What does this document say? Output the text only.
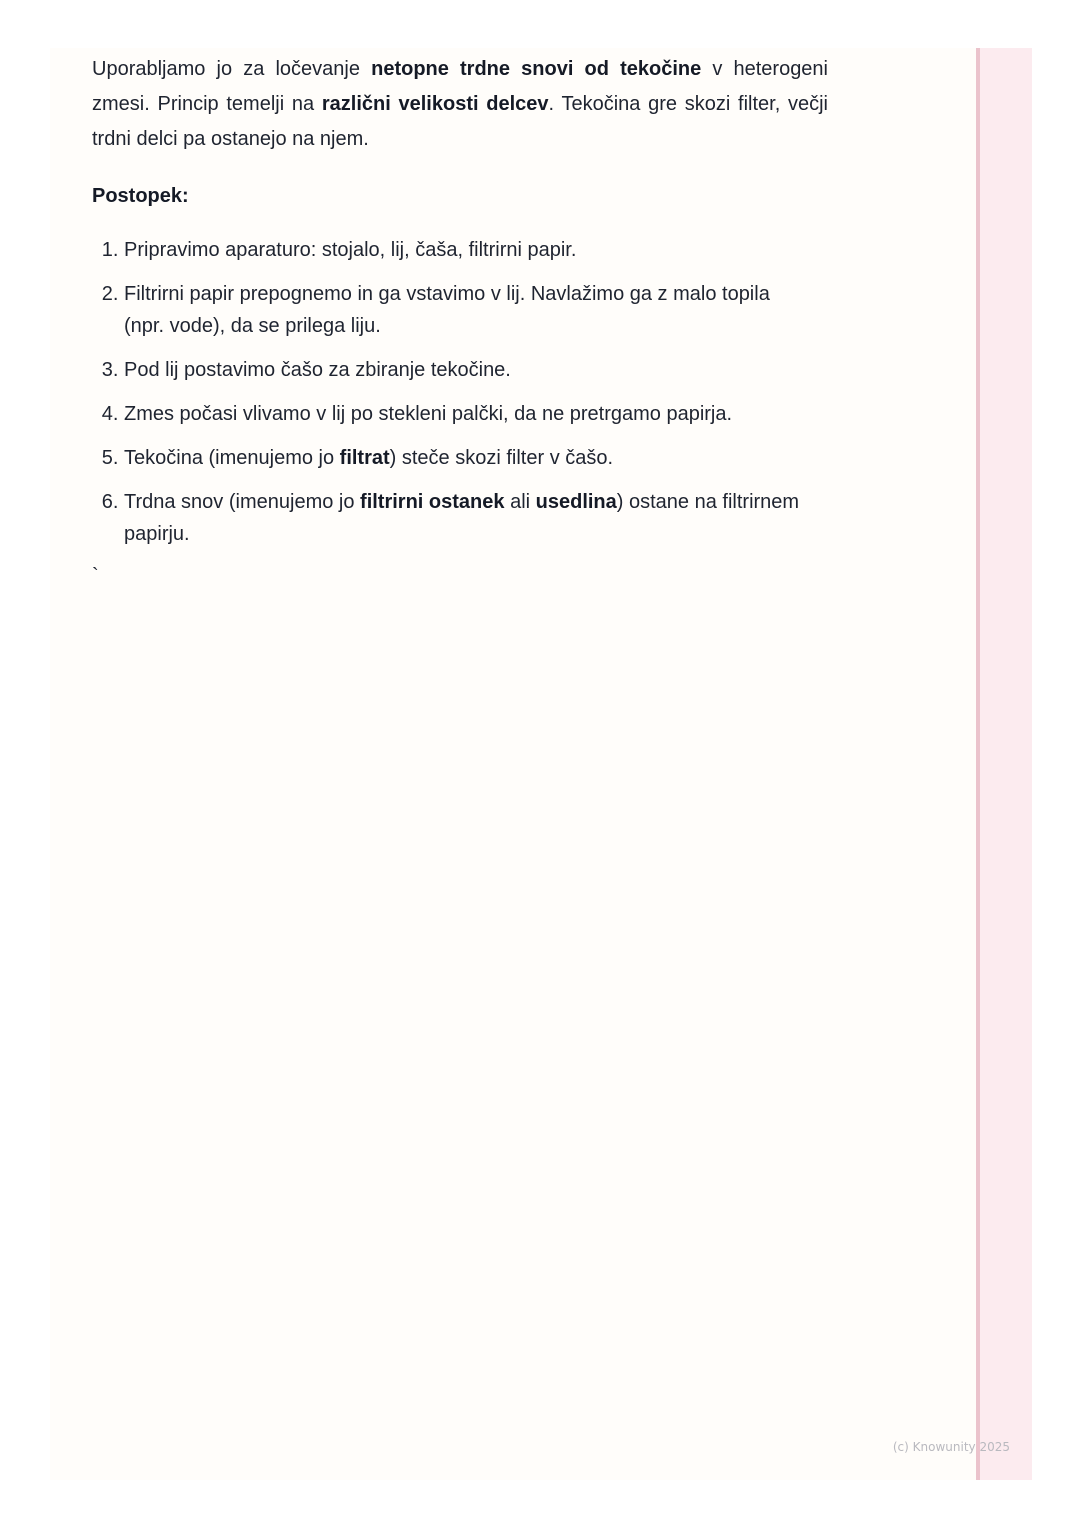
Uporabljamo jo za ločevanje netopne trdne snovi od tekočine v heterogeni zmesi. Princip temelji na različni velikosti delcev. Tekočina gre skozi filter, večji trdni delci pa ostanejo na njem.

Postopek:

1. Pripravimo aparaturo: stojalo, lij, čaša, filtrirni papir.
2. Filtrirni papir prepognemo in ga vstavimo v lij. Navlažimo ga z malo topila (npr. vode), da se prilega liju.
3. Pod lij postavimo čašo za zbiranje tekočine.
4. Zmes počasi vlivamo v lij po stekleni palčki, da ne pretrgamo papirja.
5. Tekočina (imenujemo jo filtrat) steče skozi filter v čašo.
6. Trdna snov (imenujemo jo filtrirni ostanek ali usedlina) ostane na filtrirnem papirju.

`

(c) Knowunity 2025
